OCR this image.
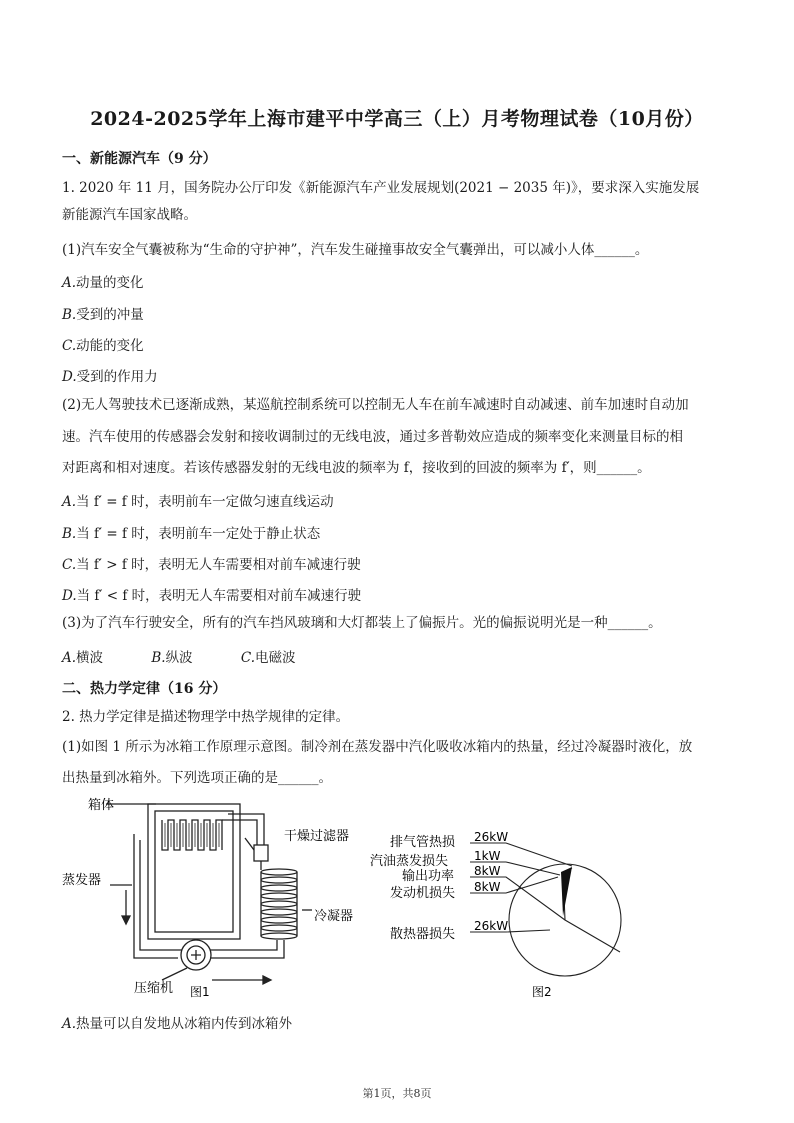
2024-2025学年上海市建平中学高三（上）月考物理试卷（10月份）
一、新能源汽车（9 分）
1. 2020 年 11 月，国务院办公厅印发《新能源汽车产业发展规划(2021 − 2035 年)》，要求深入实施发展
新能源汽车国家战略。
(1)汽车安全气囊被称为“生命的守护神”，汽车发生碰撞事故安全气囊弹出，可以减小人体______。
A.动量的变化
B.受到的冲量
C.动能的变化
D.受到的作用力
(2)无人驾驶技术已逐渐成熟，某巡航控制系统可以控制无人车在前车减速时自动减速、前车加速时自动加
速。汽车使用的传感器会发射和接收调制过的无线电波，通过多普勒效应造成的频率变化来测量目标的相
对距离和相对速度。若该传感器发射的无线电波的频率为 f，接收到的回波的频率为 f′，则______。
A.当 f′ = f 时，表明前车一定做匀速直线运动
B.当 f′ = f 时，表明前车一定处于静止状态
C.当 f′ > f 时，表明无人车需要相对前车减速行驶
D.当 f′ < f 时，表明无人车需要相对前车减速行驶
(3)为了汽车行驶安全，所有的汽车挡风玻璃和大灯都装上了偏振片。光的偏振说明光是一种______。
A.横波	B.纵波	C.电磁波
二、热力学定律（16 分）
2. 热力学定律是描述物理学中热学规律的定律。
(1)如图 1 所示为冰箱工作原理示意图。制冷剂在蒸发器中汽化吸收冰箱内的热量，经过冷凝器时液化，放
出热量到冰箱外。下列选项正确的是______。
箱体
干燥过滤器
蒸发器
冷凝器
压缩机 图1
排气管热损 26kW
汽油蒸发损失 1kW
输出功率 8kW
发动机损失 8kW
散热器损失
26kW
图2
A.热量可以自发地从冰箱内传到冰箱外
第1页，共8页
